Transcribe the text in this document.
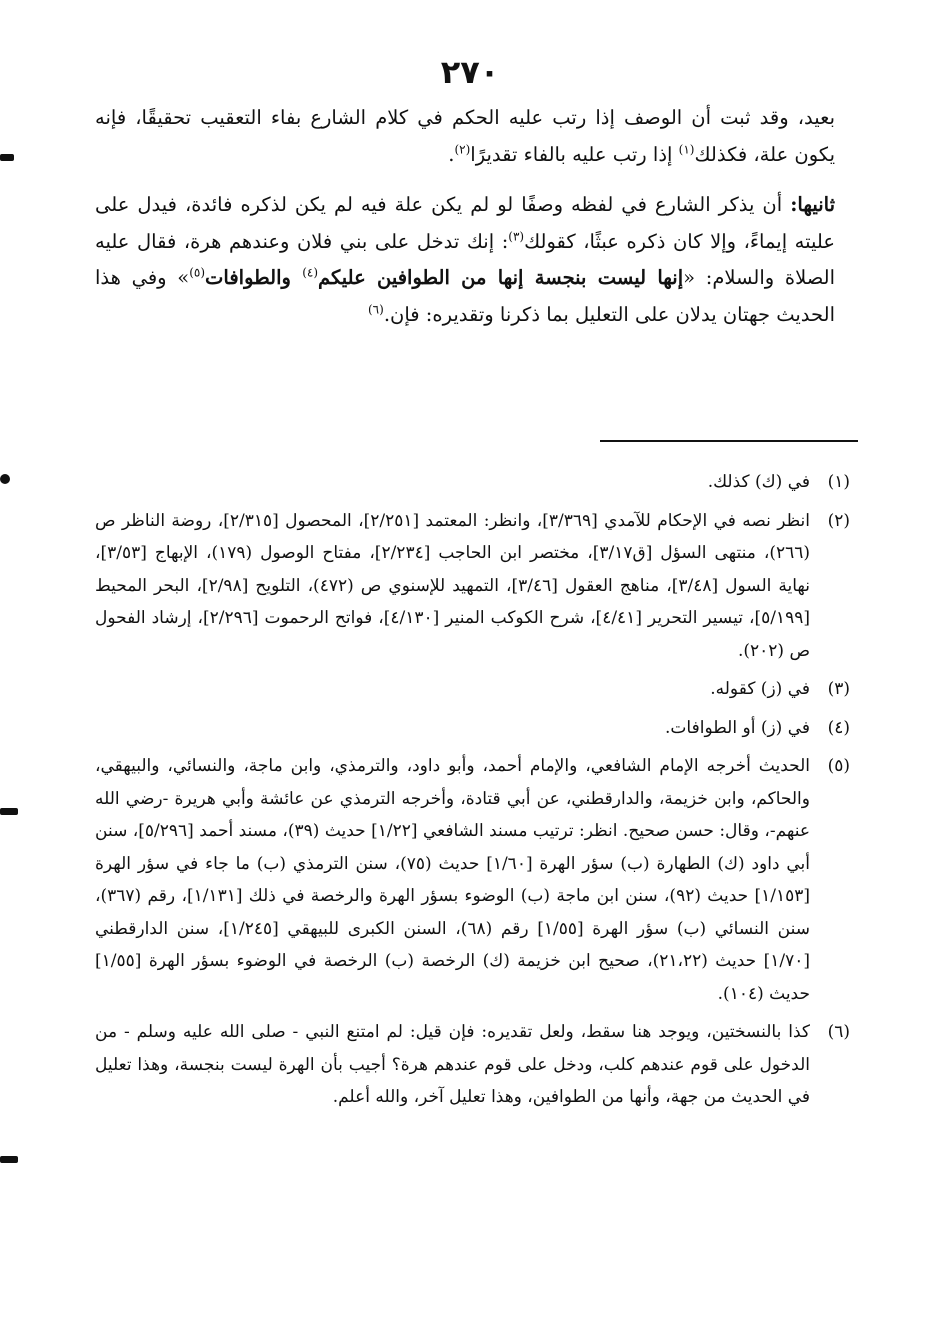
٢٧٠

بعيد، وقد ثبت أن الوصف إذا رتب عليه الحكم في كلام الشارع بفاء التعقيب تحقيقًا، فإنه يكون علة، فكذلك$^{(١)}$ إذا رتب عليه بالفاء تقديرًا$^{(٢)}$.

ثانيها: أن يذكر الشارع في لفظه وصفًا لو لم يكن علة فيه لم يكن لذكره فائدة، فيدل على عليته إيماءً، وإلا كان ذكره عبثًا، كقولك$^{(٣)}$: إنك تدخل على بني فلان وعندهم هرة، فقال عليه الصلاة والسلام: «إنها ليست بنجسة إنها من الطوافين عليكم$^{(٤)}$ والطوافات$^{(٥)}$» وفي هذا الحديث جهتان يدلان على التعليل بما ذكرنا وتقديره: فإن.$^{(٦)}$

(١)
في (ك) كذلك.
(٢)
انظر نصه في الإحكام للآمدي [٣/٣٦٩]، وانظر: المعتمد [٢/٢٥١]، المحصول [٢/٣١٥]، روضة الناظر ص (٢٦٦)، منتهى السؤل [ق٣/١٧]، مختصر ابن الحاجب [٢/٢٣٤]، مفتاح الوصول (١٧٩)، الإبهاج [٣/٥٣]، نهاية السول [٣/٤٨]، مناهج العقول [٣/٤٦]، التمهيد للإسنوي ص (٤٧٢)، التلويح [٢/٩٨]، البحر المحيط [٥/١٩٩]، تيسير التحرير [٤/٤١]، شرح الكوكب المنير [٤/١٣٠]، فواتح الرحموت [٢/٢٩٦]، إرشاد الفحول ص (٢٠٢).
(٣)
في (ز) كقوله.
(٤)
في (ز) أو الطوافات.
(٥)
الحديث أخرجه الإمام الشافعي، والإمام أحمد، وأبو داود، والترمذي، وابن ماجة، والنسائي، والبيهقي، والحاكم، وابن خزيمة، والدارقطني، عن أبي قتادة، وأخرجه الترمذي عن عائشة وأبي هريرة -رضي الله عنهم-، وقال: حسن صحيح. انظر: ترتيب مسند الشافعي [١/٢٢] حديث (٣٩)، مسند أحمد [٥/٢٩٦]، سنن أبي داود (ك) الطهارة (ب) سؤر الهرة [١/٦٠] حديث (٧٥)، سنن الترمذي (ب) ما جاء في سؤر الهرة [١/١٥٣] حديث (٩٢)، سنن ابن ماجة (ب) الوضوء بسؤر الهرة والرخصة في ذلك [١/١٣١]، رقم (٣٦٧)، سنن النسائي (ب) سؤر الهرة [١/٥٥] رقم (٦٨)، السنن الكبرى للبيهقي [١/٢٤٥]، سنن الدارقطني [١/٧٠] حديث (٢١،٢٢)، صحيح ابن خزيمة (ك) الرخصة (ب) الرخصة في الوضوء بسؤر الهرة [١/٥٥] حديث (١٠٤).
(٦)
كذا بالنسختين، ويوجد هنا سقط، ولعل تقديره: فإن قيل: لم امتنع النبي - صلى الله عليه وسلم - من الدخول على قوم عندهم كلب، ودخل على قوم عندهم هرة؟ أجيب بأن الهرة ليست بنجسة، وهذا تعليل في الحديث من جهة، وأنها من الطوافين، وهذا تعليل آخر، والله أعلم.
